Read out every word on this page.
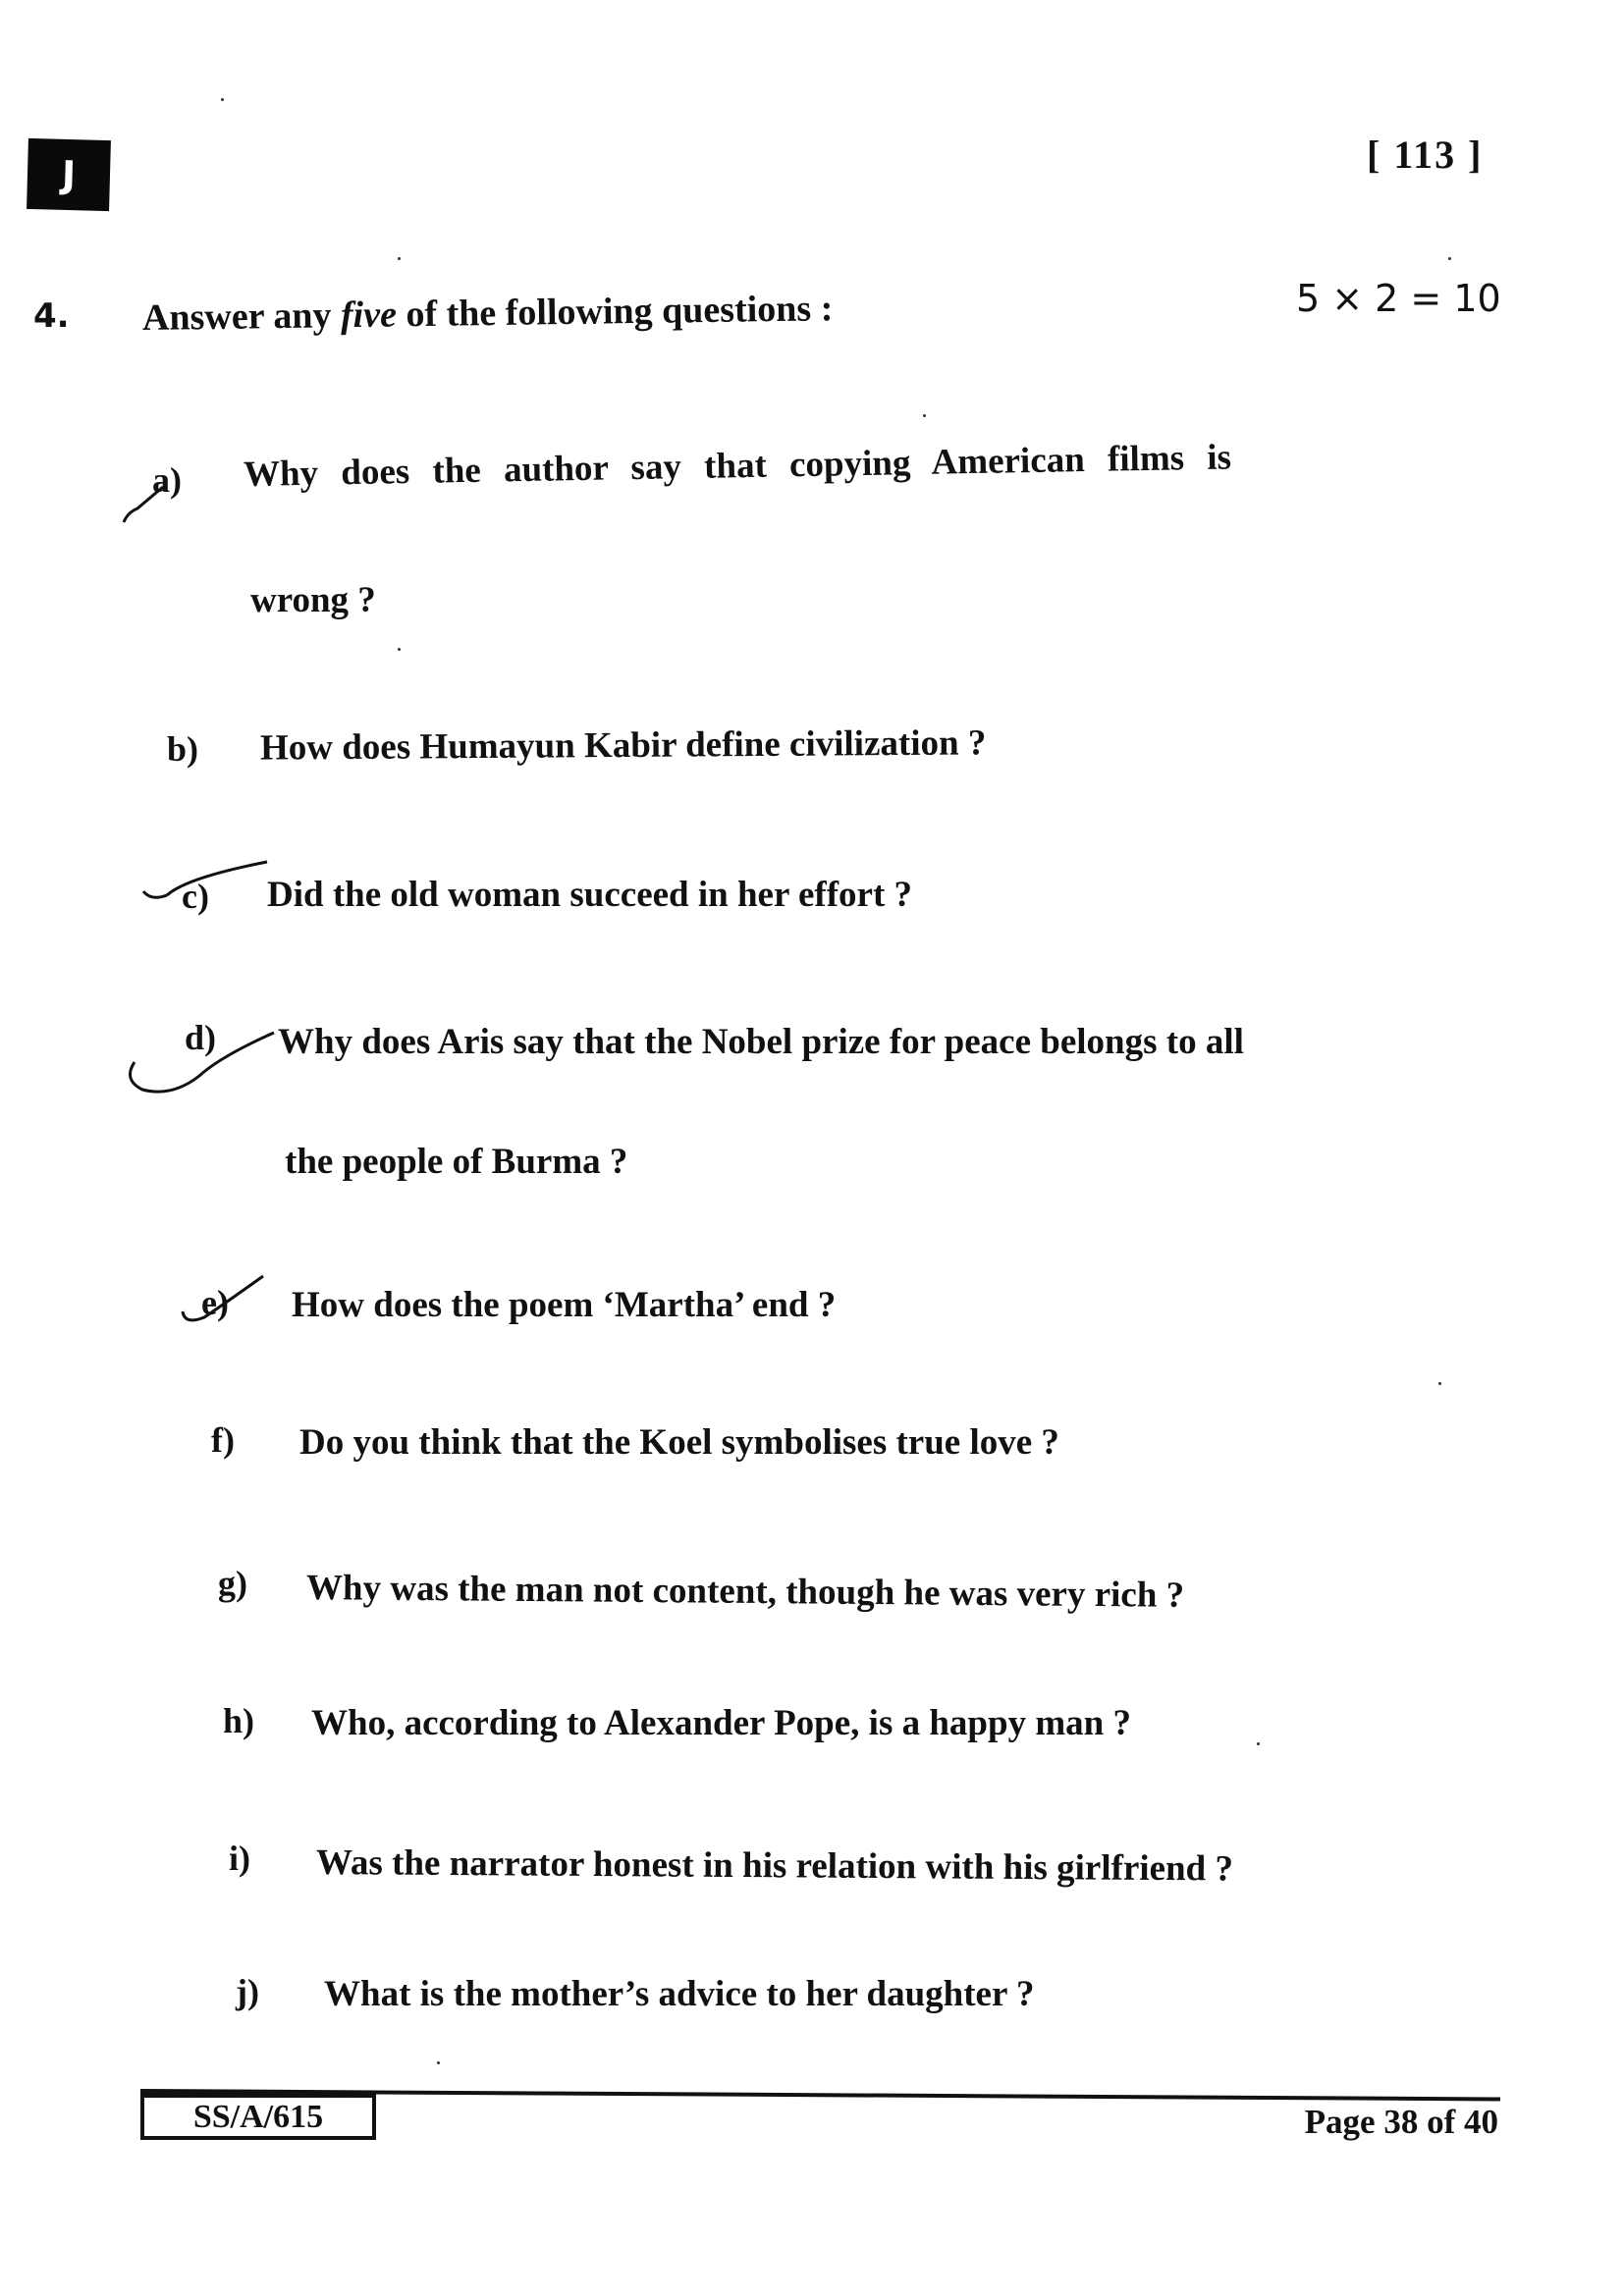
J	[ 113 ]
4. Answer any five of the following questions :	5 × 2 = 10
a) Why does the author say that copying American films is
wrong ?
b) How does Humayun Kabir define civilization ?
c) Did the old woman succeed in her effort ?
d) Why does Aris say that the Nobel prize for peace belongs to all
the people of Burma ?
e) How does the poem ‘Martha’ end ?
f) Do you think that the Koel symbolises true love ?
g) Why was the man not content, though he was very rich ?
h) Who, according to Alexander Pope, is a happy man ?
i) Was the narrator honest in his relation with his girlfriend ?
j) What is the mother’s advice to her daughter ?
SS/A/615	Page 38 of 40
